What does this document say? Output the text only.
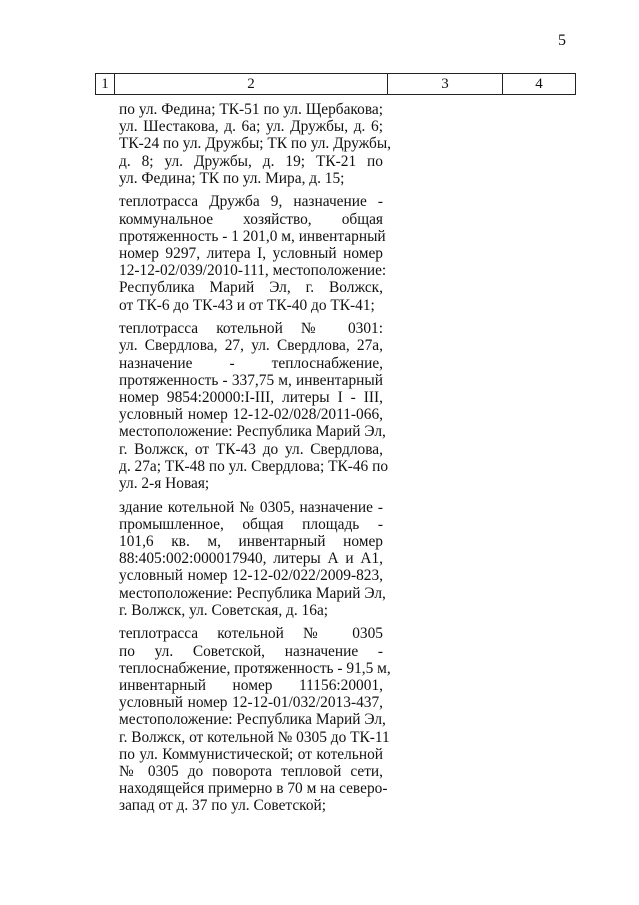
5
1	2	3	4
по ул. Федина; ТК-51 по ул. Щербакова;
ул. Шестакова, д. 6а; ул. Дружбы, д. 6;
ТК-24 по ул. Дружбы; ТК по ул. Дружбы,
д. 8; ул. Дружбы, д. 19; ТК-21 по
ул. Федина; ТК по ул. Мира, д. 15;
теплотрасса Дружба 9, назначение -
коммунальное хозяйство, общая
протяженность - 1 201,0 м, инвентарный
номер 9297, литера I, условный номер
12-12-02/039/2010-111, местоположение:
Республика Марий Эл, г. Волжск,
от ТК-6 до ТК-43 и от ТК-40 до ТК-41;
теплотрасса котельной № 0301:
ул. Свердлова, 27, ул. Свердлова, 27а,
назначение - теплоснабжение,
протяженность - 337,75 м, инвентарный
номер 9854:20000:I-III, литеры I - III,
условный номер 12-12-02/028/2011-066,
местоположение: Республика Марий Эл,
г. Волжск, от ТК-43 до ул. Свердлова,
д. 27а; ТК-48 по ул. Свердлова; ТК-46 по
ул. 2-я Новая;
здание котельной № 0305, назначение -
промышленное, общая площадь -
101,6 кв. м, инвентарный номер
88:405:002:000017940, литеры А и А1,
условный номер 12-12-02/022/2009-823,
местоположение: Республика Марий Эл,
г. Волжск, ул. Советская, д. 16а;
теплотрасса котельной № 0305
по ул. Советской, назначение -
теплоснабжение, протяженность - 91,5 м,
инвентарный номер 11156:20001,
условный номер 12-12-01/032/2013-437,
местоположение: Республика Марий Эл,
г. Волжск, от котельной № 0305 до ТК-11
по ул. Коммунистической; от котельной
№ 0305 до поворота тепловой сети,
находящейся примерно в 70 м на северо-
запад от д. 37 по ул. Советской;
